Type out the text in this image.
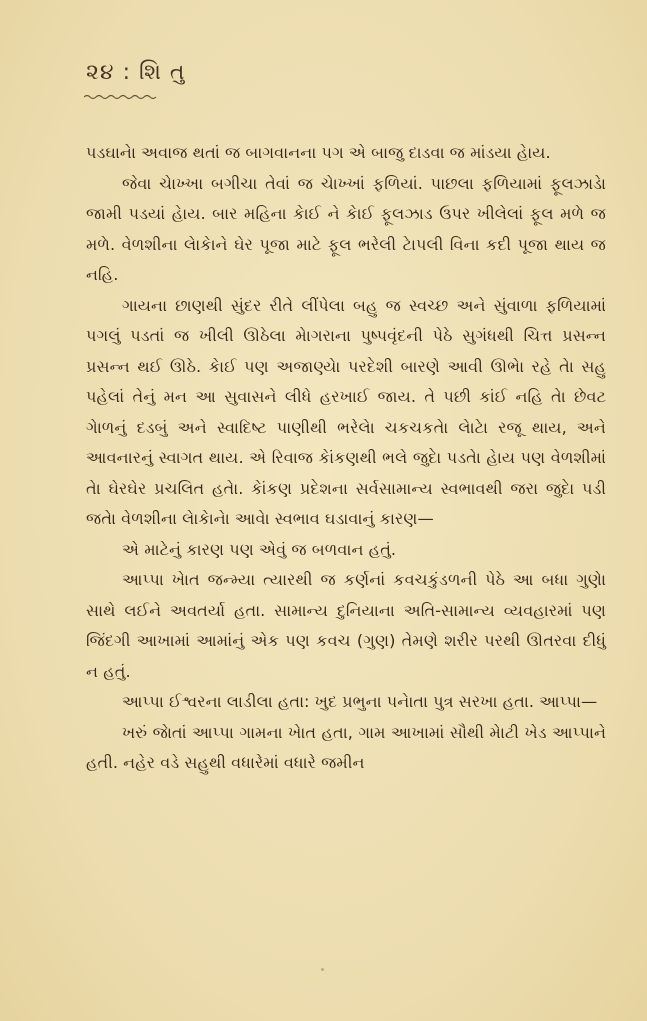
૨૪ : શિ તુ

પડઘાનેા અવાજ થતાં જ બાગવાનના પગ એ બાજુ દાડવા જ માંડયા હેાય.

જેવા ચેાખ્ખા બગીચા તેવાં જ ચેાખ્ખાં ફળિયાં. પાછલા ફળિયામાં ફૂલઝાડેા જામી પડયાં હેાય. બાર મહિના કેાઈ ને કેાઈ ફૂલઝાડ ઉપર ખીલેલાં ફૂલ મળે જ મળે. વેળશીના લેાકેાને ઘેર પૂજા માટે ફૂલ ભરેલી ટેાપલી વિના કદી પૂજા થાય જ નહિ.

ગાયના છાણથી સુંદર રીતે લીંપેલા બહુ જ સ્વચ્છ અને સુંવાળા ફળિયામાં પગલું પડતાં જ ખીલી ઊઠેલા મેાગરાના પુષ્પવૃંદની પેઠે સુગંધથી ચિત્ત પ્રસન્ન પ્રસન્ન થઈ ઊઠે. કેાઈ પણ અજાણ્યેા પરદેશી બારણે આવી ઊભેા રહે તેા સહુ પહેલાં તેનું મન આ સુવાસને લીધે હરખાઈ જાય. તે પછી કાંઈ નહિ તેા છેવટ ગેાળનું દડબું અને સ્વાદિષ્ટ પાણીથી ભરેલેા ચકચકતેા લેાટેા રજૂ થાય, અને આવનારનું સ્વાગત થાય. એ રિવાજ કેાંકણથી ભલે જુદેા પડતેા હેાય પણ વેળશીમાં તેા ઘેરઘેર પ્રચલિત હતેા. કેાંકણ પ્રદેશના સર્વસામાન્ય સ્વભાવથી જરા જુદેા પડી જતેા વેળશીના લેાકેાનેા આવેા સ્વભાવ ઘડાવાનું કારણ—

એ માટેનું કારણ પણ એવું જ બળવાન હતું.

આપ્પા ખેાત જન્મ્યા ત્યારથી જ કર્ણનાં કવચકુંડળની પેઠે આ બધા ગુણેા સાથે લઈને અવતર્યા હતા. સામાન્ય દુનિયાના અતિ-સામાન્ય વ્યવહારમાં પણ જિંદગી આખામાં આમાંનું એક પણ કવચ (ગુણ) તેમણે શરીર પરથી ઊતરવા દીધું ન હતું.

આપ્પા ઈશ્વરના લાડીલા હતા: ખુદ પ્રભુના પનેાતા પુત્ર સરખા હતા. આપ્પા—

ખરું જેાતાં આપ્પા ગામના ખેાત હતા, ગામ આખામાં સૌથી મેાટી ખેડ આપ્પાને હતી. નહેર વડે સહુથી વધારેમાં વધારે જમીન
